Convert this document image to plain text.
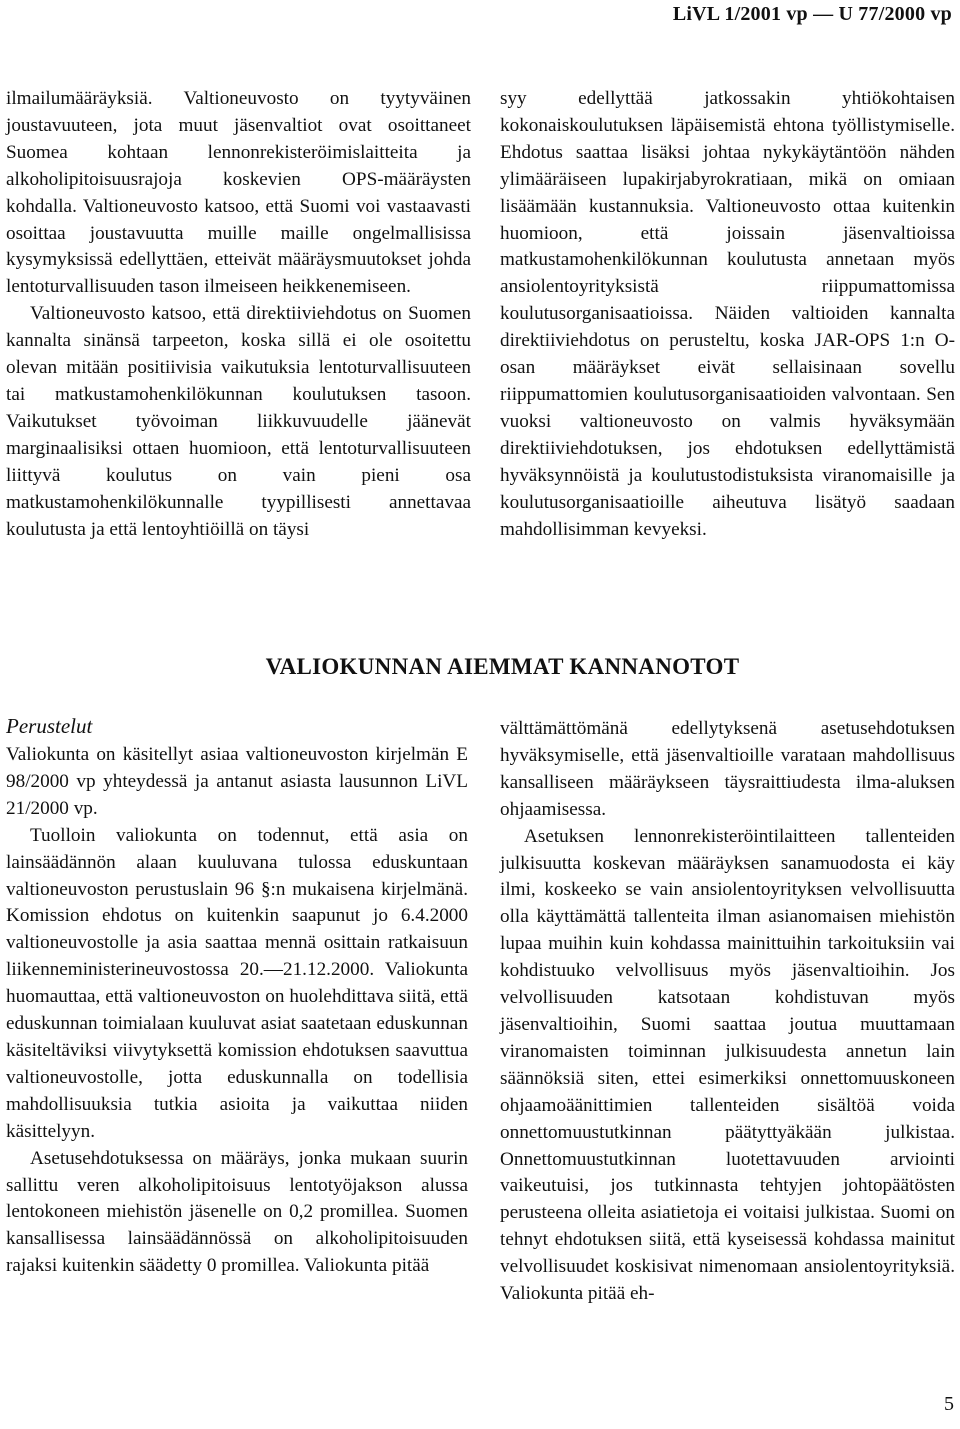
LiVL 1/2001 vp — U 77/2000 vp

ilmailumääräyksiä. Valtioneuvosto on tyytyväinen joustavuuteen, jota muut jäsenvaltiot ovat osoittaneet Suomea kohtaan lennonrekisteröimislaitteita ja alkoholipitoisuusrajoja koskevien OPS-määräysten kohdalla. Valtioneuvosto katsoo, että Suomi voi vastaavasti osoittaa joustavuutta muille maille ongelmallisissa kysymyksissä edellyttäen, etteivät määräysmuutokset johda lentoturvallisuuden tason ilmeiseen heikkenemiseen.

Valtioneuvosto katsoo, että direktiiviehdotus on Suomen kannalta sinänsä tarpeeton, koska sillä ei ole osoitettu olevan mitään positiivisia vaikutuksia lentoturvallisuuteen tai matkustamohenkilökunnan koulutuksen tasoon. Vaikutukset työvoiman liikkuvuudelle jäänevät marginaalisiksi ottaen huomioon, että lentoturvallisuuteen liittyvä koulutus on vain pieni osa matkustamohenkilökunnalle tyypillisesti annettavaa koulutusta ja että lentoyhtiöillä on täysi

syy edellyttää jatkossakin yhtiökohtaisen kokonaiskoulutuksen läpäisemistä ehtona työllistymiselle. Ehdotus saattaa lisäksi johtaa nykykäytäntöön nähden ylimääräiseen lupakirjabyrokratiaan, mikä on omiaan lisäämään kustannuksia. Valtioneuvosto ottaa kuitenkin huomioon, että joissain jäsenvaltioissa matkustamohenkilökunnan koulutusta annetaan myös ansiolentoyrityksistä riippumattomissa koulutusorganisaatioissa. Näiden valtioiden kannalta direktiiviehdotus on perusteltu, koska JAR-OPS 1:n O-osan määräykset eivät sellaisinaan sovellu riippumattomien koulutusorganisaatioiden valvontaan. Sen vuoksi valtioneuvosto on valmis hyväksymään direktiiviehdotuksen, jos ehdotuksen edellyttämistä hyväksynnöistä ja koulutustodistuksista viranomaisille ja koulutusorganisaatioille aiheutuva lisätyö saadaan mahdollisimman kevyeksi.

VALIOKUNNAN AIEMMAT KANNANOTOT
Perustelut

Valiokunta on käsitellyt asiaa valtioneuvoston kirjelmän E 98/2000 vp yhteydessä ja antanut asiasta lausunnon LiVL 21/2000 vp.

Tuolloin valiokunta on todennut, että asia on lainsäädännön alaan kuuluvana tulossa eduskuntaan valtioneuvoston perustuslain 96 §:n mukaisena kirjelmänä. Komission ehdotus on kuitenkin saapunut jo 6.4.2000 valtioneuvostolle ja asia saattaa mennä osittain ratkaisuun liikenneministerineuvostossa 20.—21.12.2000. Valiokunta huomauttaa, että valtioneuvoston on huolehdittava siitä, että eduskunnan toimialaan kuuluvat asiat saatetaan eduskunnan käsiteltäviksi viivytyksettä komission ehdotuksen saavuttua valtioneuvostolle, jotta eduskunnalla on todellisia mahdollisuuksia tutkia asioita ja vaikuttaa niiden käsittelyyn.

Asetusehdotuksessa on määräys, jonka mukaan suurin sallittu veren alkoholipitoisuus lentotyöjakson alussa lentokoneen miehistön jäsenelle on 0,2 promillea. Suomen kansallisessa lainsäädännössä on alkoholipitoisuuden rajaksi kuitenkin säädetty 0 promillea. Valiokunta pitää

välttämättömänä edellytyksenä asetusehdotuksen hyväksymiselle, että jäsenvaltioille varataan mahdollisuus kansalliseen määräykseen täysraittiudesta ilma-aluksen ohjaamisessa.

Asetuksen lennonrekisteröintilaitteen tallenteiden julkisuutta koskevan määräyksen sanamuodosta ei käy ilmi, koskeeko se vain ansiolentoyrityksen velvollisuutta olla käyttämättä tallenteita ilman asianomaisen miehistön lupaa muihin kuin kohdassa mainittuihin tarkoituksiin vai kohdistuuko velvollisuus myös jäsenvaltioihin. Jos velvollisuuden katsotaan kohdistuvan myös jäsenvaltioihin, Suomi saattaa joutua muuttamaan viranomaisten toiminnan julkisuudesta annetun lain säännöksiä siten, ettei esimerkiksi onnettomuuskoneen ohjaamoäänittimien tallenteiden sisältöä voida onnettomuustutkinnan päätyttyäkään julkistaa. Onnettomuustutkinnan luotettavuuden arviointi vaikeutuisi, jos tutkinnasta tehtyjen johtopäätösten perusteena olleita asiatietoja ei voitaisi julkistaa. Suomi on tehnyt ehdotuksen siitä, että kyseisessä kohdassa mainitut velvollisuudet koskisivat nimenomaan ansiolentoyrityksiä. Valiokunta pitää eh-

5
